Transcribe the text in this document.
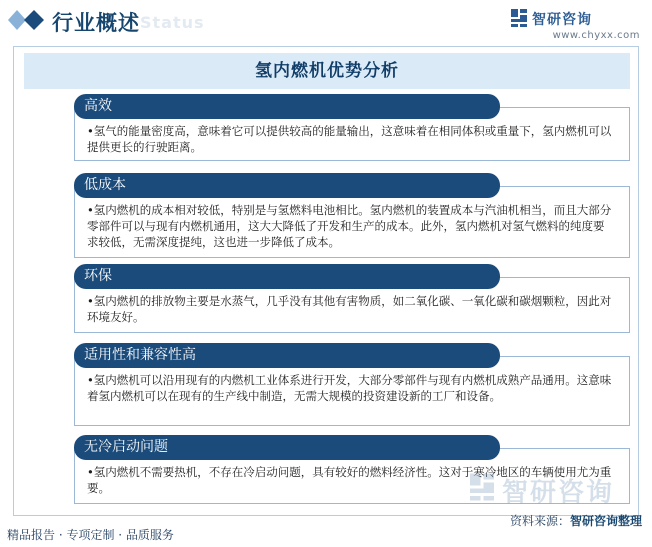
Status
行业概述	智研咨询
www.chyxx.com
氢内燃机优势分析
高效

•氢气的能量密度高，意味着它可以提供较高的能量输出，这意味着在相同体积或重量下，氢内燃机可以提供更长的行驶距离。

低成本

•氢内燃机的成本相对较低，特别是与氢燃料电池相比。氢内燃机的装置成本与汽油机相当，而且大部分零部件可以与现有内燃机通用，这大大降低了开发和生产的成本。此外，氢内燃机对氢气燃料的纯度要求较低，无需深度提纯，这也进一步降低了成本。

环保

•氢内燃机的排放物主要是水蒸气，几乎没有其他有害物质，如二氧化碳、一氧化碳和碳烟颗粒，因此对环境友好。

适用性和兼容性高

•氢内燃机可以沿用现有的内燃机工业体系进行开发，大部分零部件与现有内燃机成熟产品通用。这意味着氢内燃机可以在现有的生产线中制造，无需大规模的投资建设新的工厂和设备。

无冷启动问题

•氢内燃机不需要热机，不存在冷启动问题，具有较好的燃料经济性。这对于寒冷地区的车辆使用尤为重要。	智研咨询
资料来源：智研咨询整理
精品报告 · 专项定制 · 品质服务
